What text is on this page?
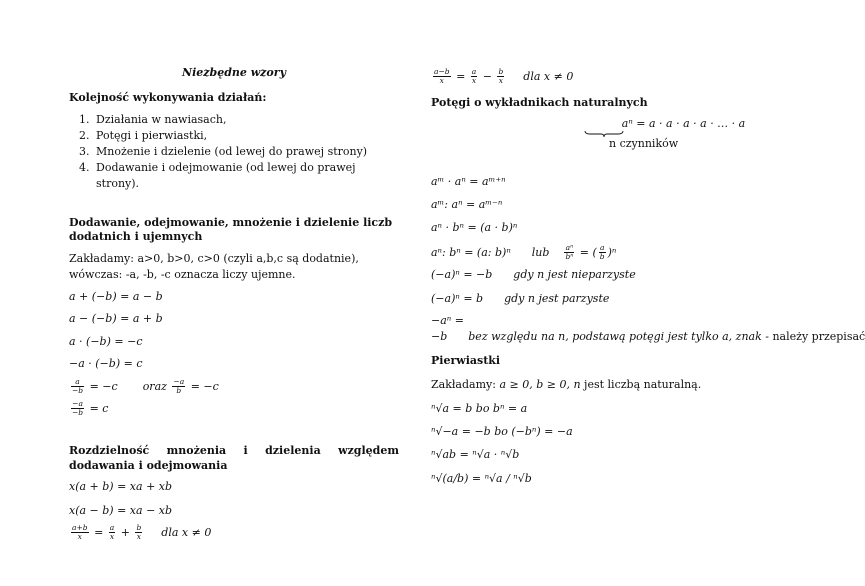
Niezbędne wzory

Kolejność wykonywania działań:

1. Działania w nawiasach,
2. Potęgi i pierwiastki,
3. Mnożenie i dzielenie (od lewej do prawej strony)
4. Dodawanie i odejmowanie (od lewej do prawej strony).

Dodawanie, odejmowanie, mnożenie i dzielenie liczb dodatnich i ujemnych

Zakładamy: a>0, b>0, c>0 (czyli a,b,c są dodatnie), wówczas: -a, -b, -c oznacza liczy ujemne.

a + (−b) = a − b

a − (−b) = a + b

a · (−b) = −c

−a · (−b) = c

$\frac{a}{-b} = -c$ oraz $\frac{-a}{b} = -c$

$\frac{-a}{-b} = c$

Rozdzielność mnożenia i dzielenia względem dodawania i odejmowania

x(a + b) = xa + xb

x(a − b) = xa − xb

$\frac{a+b}{x} = \frac{a}{x} + \frac{b}{x}$ dla x ≠ 0

$\frac{a-b}{x} = \frac{a}{x} - \frac{b}{x}$ dla x ≠ 0

Potęgi o wykładnikach naturalnych

aⁿ = a · a · a · a · … · a

n czynników

aᵐ · aⁿ = aᵐ⁺ⁿ

aᵐ: aⁿ = aᵐ⁻ⁿ

aⁿ · bⁿ = (a · b)ⁿ

aⁿ: bⁿ = (a: b)ⁿ lub $\frac{\text{aⁿ}}{\text{bⁿ}}$ = ( $\frac{a}{b} )^n$

(−a)ⁿ = −b gdy n jest nieparzyste

(−a)ⁿ = b gdy n jest parzyste

−aⁿ =

−b bez względu na n, podstawą potęgi jest tylko a, znak - należy przepisać

Pierwiastki

Zakładamy: a ≥ 0, b ≥ 0, n jest liczbą naturalną.

ⁿ√a = b bo bⁿ = a

ⁿ√−a = −b bo (−bⁿ) = −a

ⁿ√ab = ⁿ√a · ⁿ√b

ⁿ√(a/b) = ⁿ√a / ⁿ√b
